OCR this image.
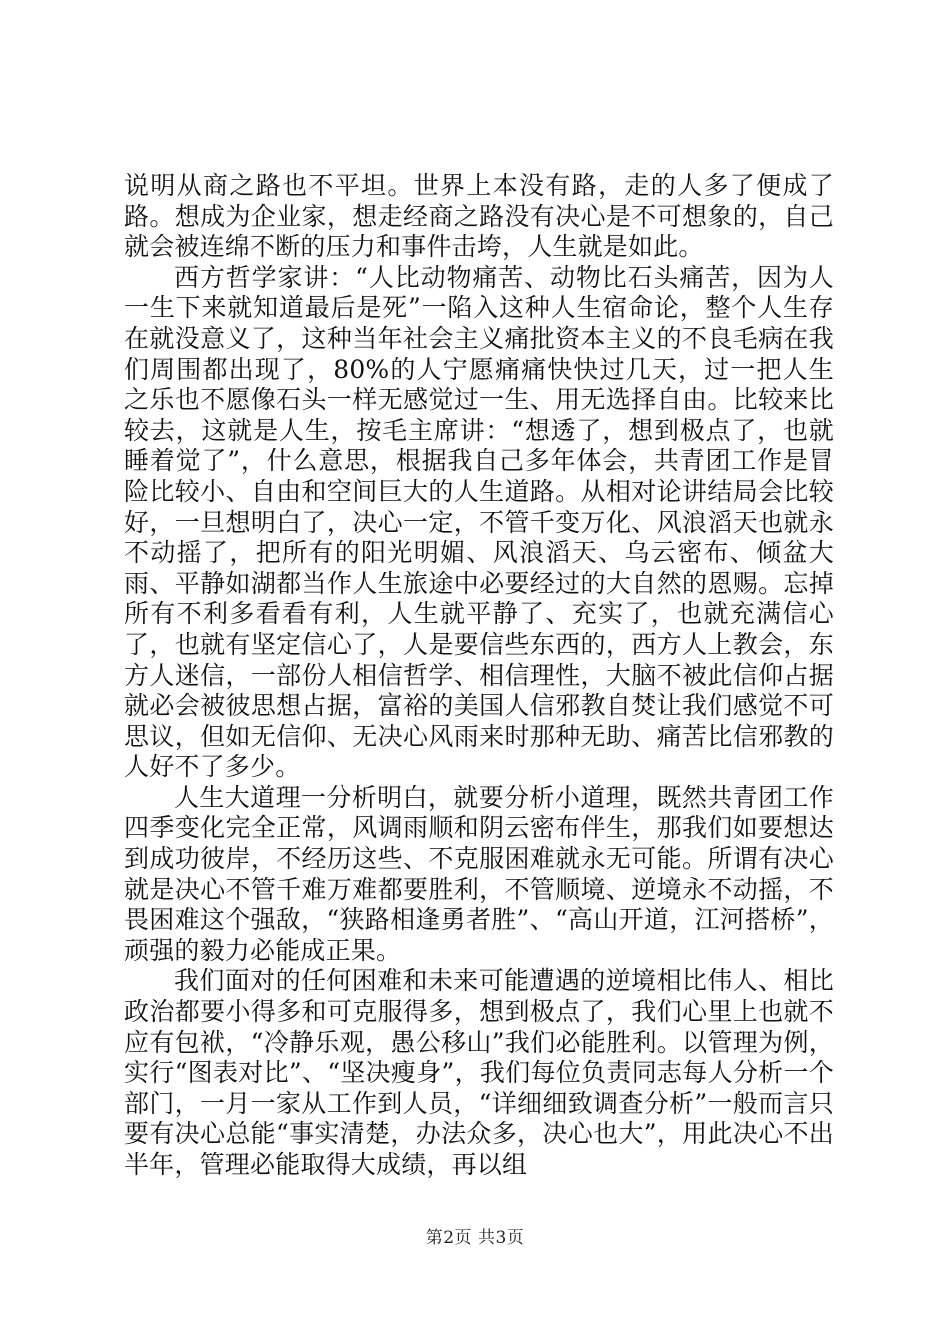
说明从商之路也不平坦。世界上本没有路，走的人多了便成了路。想成为企业家，想走经商之路没有决心是不可想象的，自己就会被连绵不断的压力和事件击垮，人生就是如此。

西方哲学家讲：“人比动物痛苦、动物比石头痛苦，因为人一生下来就知道最后是死”一陷入这种人生宿命论，整个人生存在就没意义了，这种当年社会主义痛批资本主义的不良毛病在我们周围都出现了，80%的人宁愿痛痛快快过几天，过一把人生之乐也不愿像石头一样无感觉过一生、用无选择自由。比较来比较去，这就是人生，按毛主席讲：“想透了，想到极点了，也就睡着觉了”，什么意思，根据我自己多年体会，共青团工作是冒险比较小、自由和空间巨大的人生道路。从相对论讲结局会比较好，一旦想明白了，决心一定，不管千变万化、风浪滔天也就永不动摇了，把所有的阳光明媚、风浪滔天、乌云密布、倾盆大雨、平静如湖都当作人生旅途中必要经过的大自然的恩赐。忘掉所有不利多看看有利，人生就平静了、充实了，也就充满信心了，也就有坚定信心了，人是要信些东西的，西方人上教会，东方人迷信，一部份人相信哲学、相信理性，大脑不被此信仰占据就必会被彼思想占据，富裕的美国人信邪教自焚让我们感觉不可思议，但如无信仰、无决心风雨来时那种无助、痛苦比信邪教的人好不了多少。

人生大道理一分析明白，就要分析小道理，既然共青团工作四季变化完全正常，风调雨顺和阴云密布伴生，那我们如要想达到成功彼岸，不经历这些、不克服困难就永无可能。所谓有决心就是决心不管千难万难都要胜利，不管顺境、逆境永不动摇，不畏困难这个强敌，“狭路相逢勇者胜”、“高山开道，江河搭桥”，顽强的毅力必能成正果。

我们面对的任何困难和未来可能遭遇的逆境相比伟人、相比政治都要小得多和可克服得多，想到极点了，我们心里上也就不应有包袱，“冷静乐观，愚公移山”我们必能胜利。以管理为例，实行“图表对比”、“坚决瘦身”，我们每位负责同志每人分析一个部门，一月一家从工作到人员，“详细细致调查分析”一般而言只要有决心总能“事实清楚，办法众多，决心也大”，用此决心不出半年，管理必能取得大成绩，再以组

第2页 共3页
